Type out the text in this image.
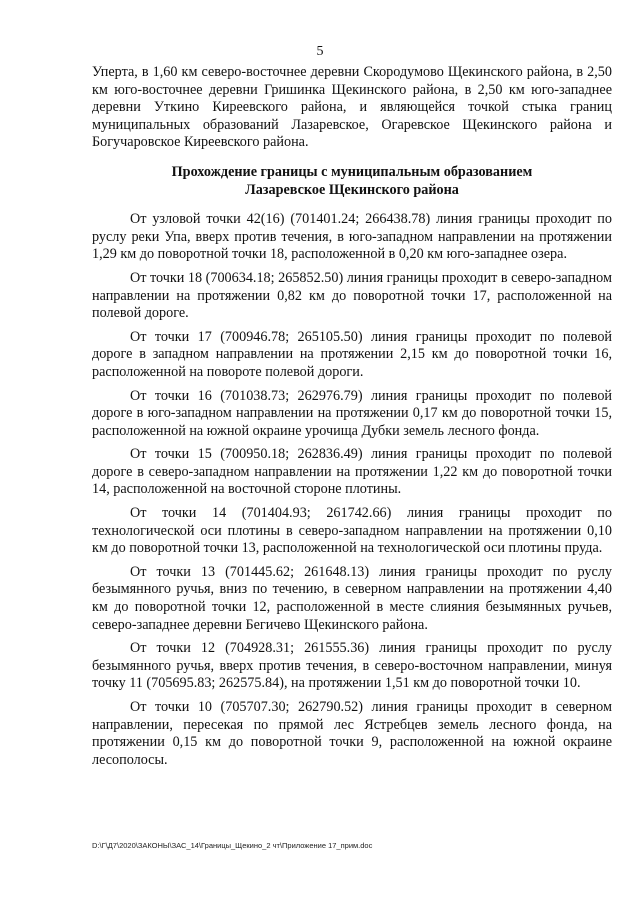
5

Уперта, в 1,60 км северо-восточнее деревни Скородумово Щекинского района, в 2,50 км юго-восточнее деревни Гришинка Щекинского района, в 2,50 км юго-западнее деревни Уткино Киреевского района, и являющейся точкой стыка границ муниципальных образований Лазаревское, Огаревское Щекинского района и Богучаровское Киреевского района.

Прохождение границы с муниципальным образованием
Лазаревское Щекинского района

От узловой точки 42(16) (701401.24; 266438.78) линия границы проходит по руслу реки Упа, вверх против течения, в юго-западном направлении на протяжении 1,29 км до поворотной точки 18, расположенной в 0,20 км юго-западнее озера.

От точки 18 (700634.18; 265852.50) линия границы проходит в северо-западном направлении на протяжении 0,82 км до поворотной точки 17, расположенной на полевой дороге.

От точки 17 (700946.78; 265105.50) линия границы проходит по полевой дороге в западном направлении на протяжении 2,15 км до поворотной точки 16, расположенной на повороте полевой дороги.

От точки 16 (701038.73; 262976.79) линия границы проходит по полевой дороге в юго-западном направлении на протяжении 0,17 км до поворотной точки 15, расположенной на южной окраине урочища Дубки земель лесного фонда.

От точки 15 (700950.18; 262836.49) линия границы проходит по полевой дороге в северо-западном направлении на протяжении 1,22 км до поворотной точки 14, расположенной на восточной стороне плотины.

От точки 14 (701404.93; 261742.66) линия границы проходит по технологической оси плотины в северо-западном направлении на протяжении 0,10 км до поворотной точки 13, расположенной на технологической оси плотины пруда.

От точки 13 (701445.62; 261648.13) линия границы проходит по руслу безымянного ручья, вниз по течению, в северном направлении на протяжении 4,40 км до поворотной точки 12, расположенной в месте слияния безымянных ручьев, северо-западнее деревни Бегичево Щекинского района.

От точки 12 (704928.31; 261555.36) линия границы проходит по руслу безымянного ручья, вверх против течения, в северо-восточном направлении, минуя точку 11 (705695.83; 262575.84), на протяжении 1,51 км до поворотной точки 10.

От точки 10 (705707.30; 262790.52) линия границы проходит в северном направлении, пересекая по прямой лес Ястребцев земель лесного фонда, на протяжении 0,15 км до поворотной точки 9, расположенной на южной окраине лесополосы.

D:\Г\Д7\2020\ЗАКОНЫ\ЗАС_14\Границы_Щекино_2 чт\Приложение 17_прим.doc
